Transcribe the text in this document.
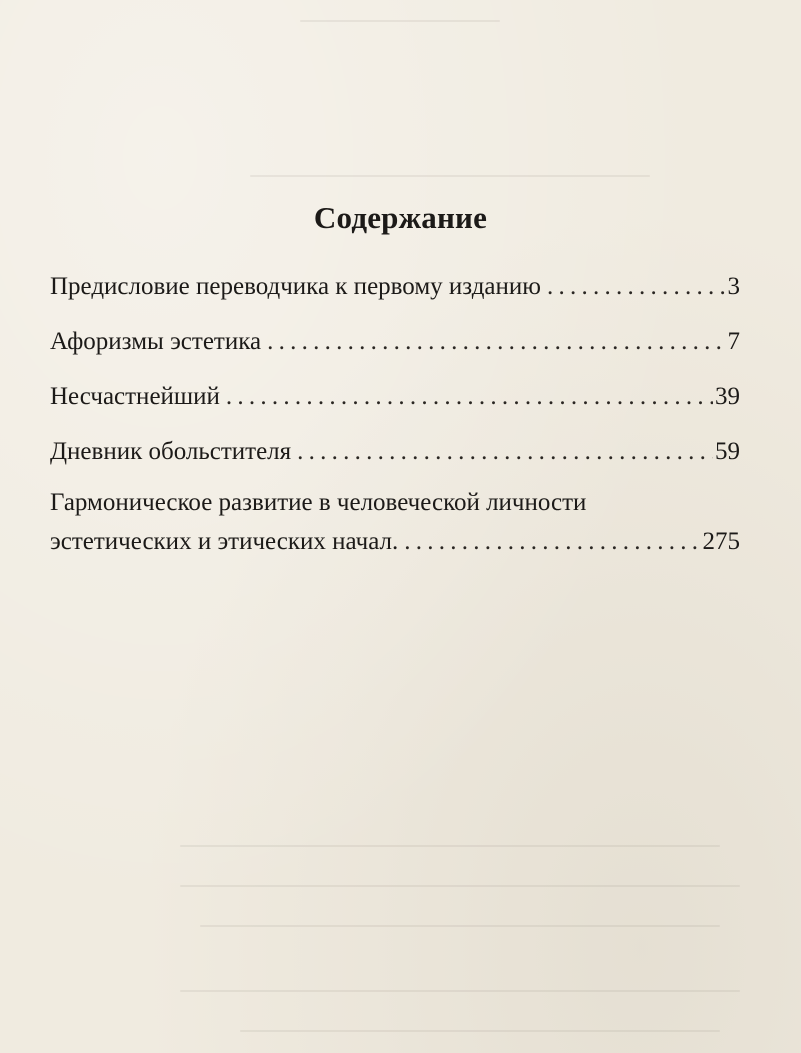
Содержание
Предисловие переводчика к первому изданию . . .	3
Афоризмы эстетика . . .	7
Несчастнейший . . .	39
Дневник обольстителя . . .	59
Гармоническое развитие в человеческой личности
эстетических и этических начал. . . .	275
